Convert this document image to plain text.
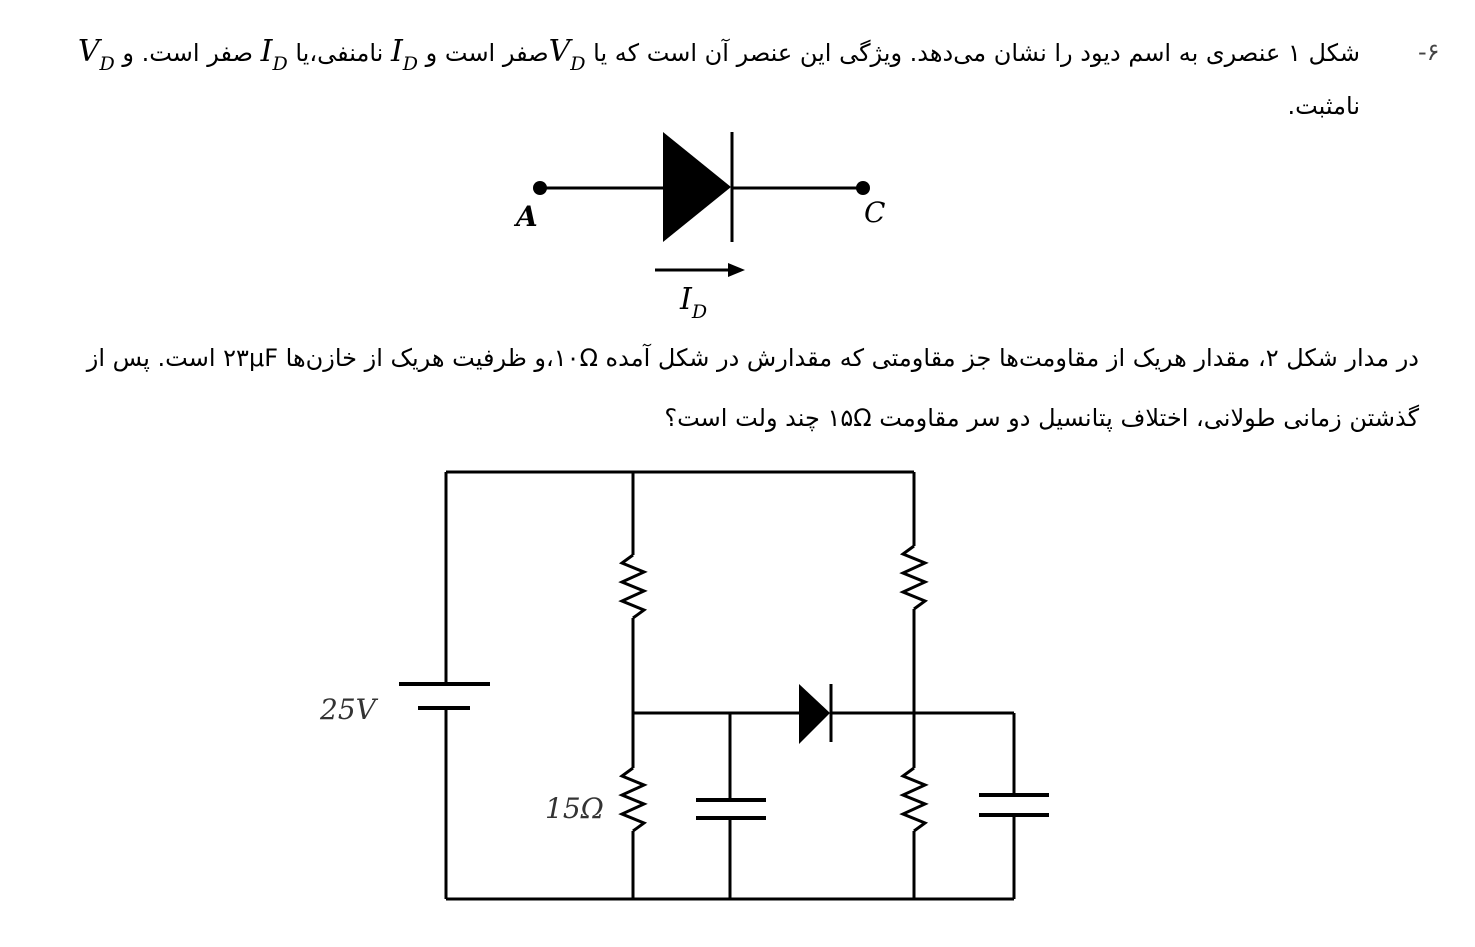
-۶
شکل ۱ عنصری به اسم دیود را نشان می‌دهد. ویژگی این عنصر آن است که یا $V_Dصفر$ است و $I_D$ نامنفی،یا $I_D$ صفر است. و $V_D$
نامثبت.
A	C
ID
در مدار شکل ۲، مقدار هریک از مقاومت‌ها جز مقاومتی که مقدارش در شکل آمده ۱۰Ω،و ظرفیت هریک از خازن‌ها ۲۳μF است. پس از
گذشتن زمانی طولانی، اختلاف پتانسیل دو سر مقاومت ۱۵Ω چند ولت است؟
25V
15Ω
